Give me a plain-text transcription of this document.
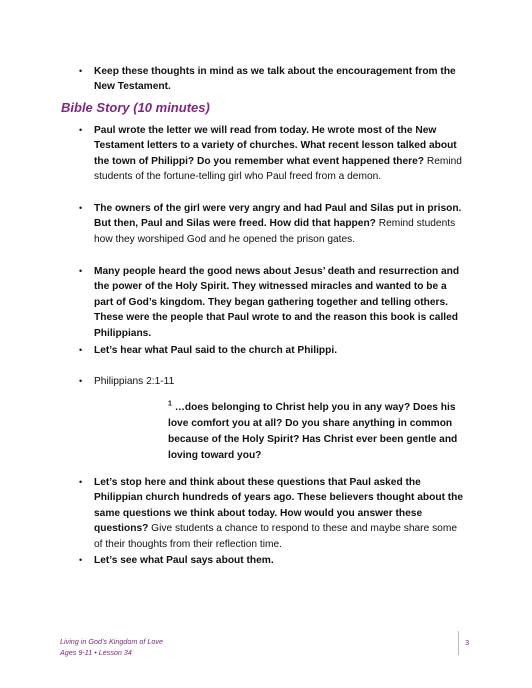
• Keep these thoughts in mind as we talk about the encouragement from the New Testament.
Bible Story (10 minutes)
• Paul wrote the letter we will read from today. He wrote most of the New Testament letters to a variety of churches. What recent lesson talked about the town of Philippi? Do you remember what event happened there? Remind students of the fortune-telling girl who Paul freed from a demon.
• The owners of the girl were very angry and had Paul and Silas put in prison. But then, Paul and Silas were freed. How did that happen? Remind students how they worshiped God and he opened the prison gates.
• Many people heard the good news about Jesus’ death and resurrection and the power of the Holy Spirit. They witnessed miracles and wanted to be a part of God’s kingdom. They began gathering together and telling others. These were the people that Paul wrote to and the reason this book is called Philippians.
• Let’s hear what Paul said to the church at Philippi.
• Philippians 2:1-11
$^1$ …does belonging to Christ help you in any way? Does his love comfort you at all? Do you share anything in common because of the Holy Spirit? Has Christ ever been gentle and loving toward you?
• Let’s stop here and think about these questions that Paul asked the Philippian church hundreds of years ago. These believers thought about the same questions we think about today. How would you answer these questions? Give students a chance to respond to these and maybe share some of their thoughts from their reflection time.
• Let’s see what Paul says about them.
Living in God’s Kingdom of Love
Ages 9-11 • Lesson 34
3
